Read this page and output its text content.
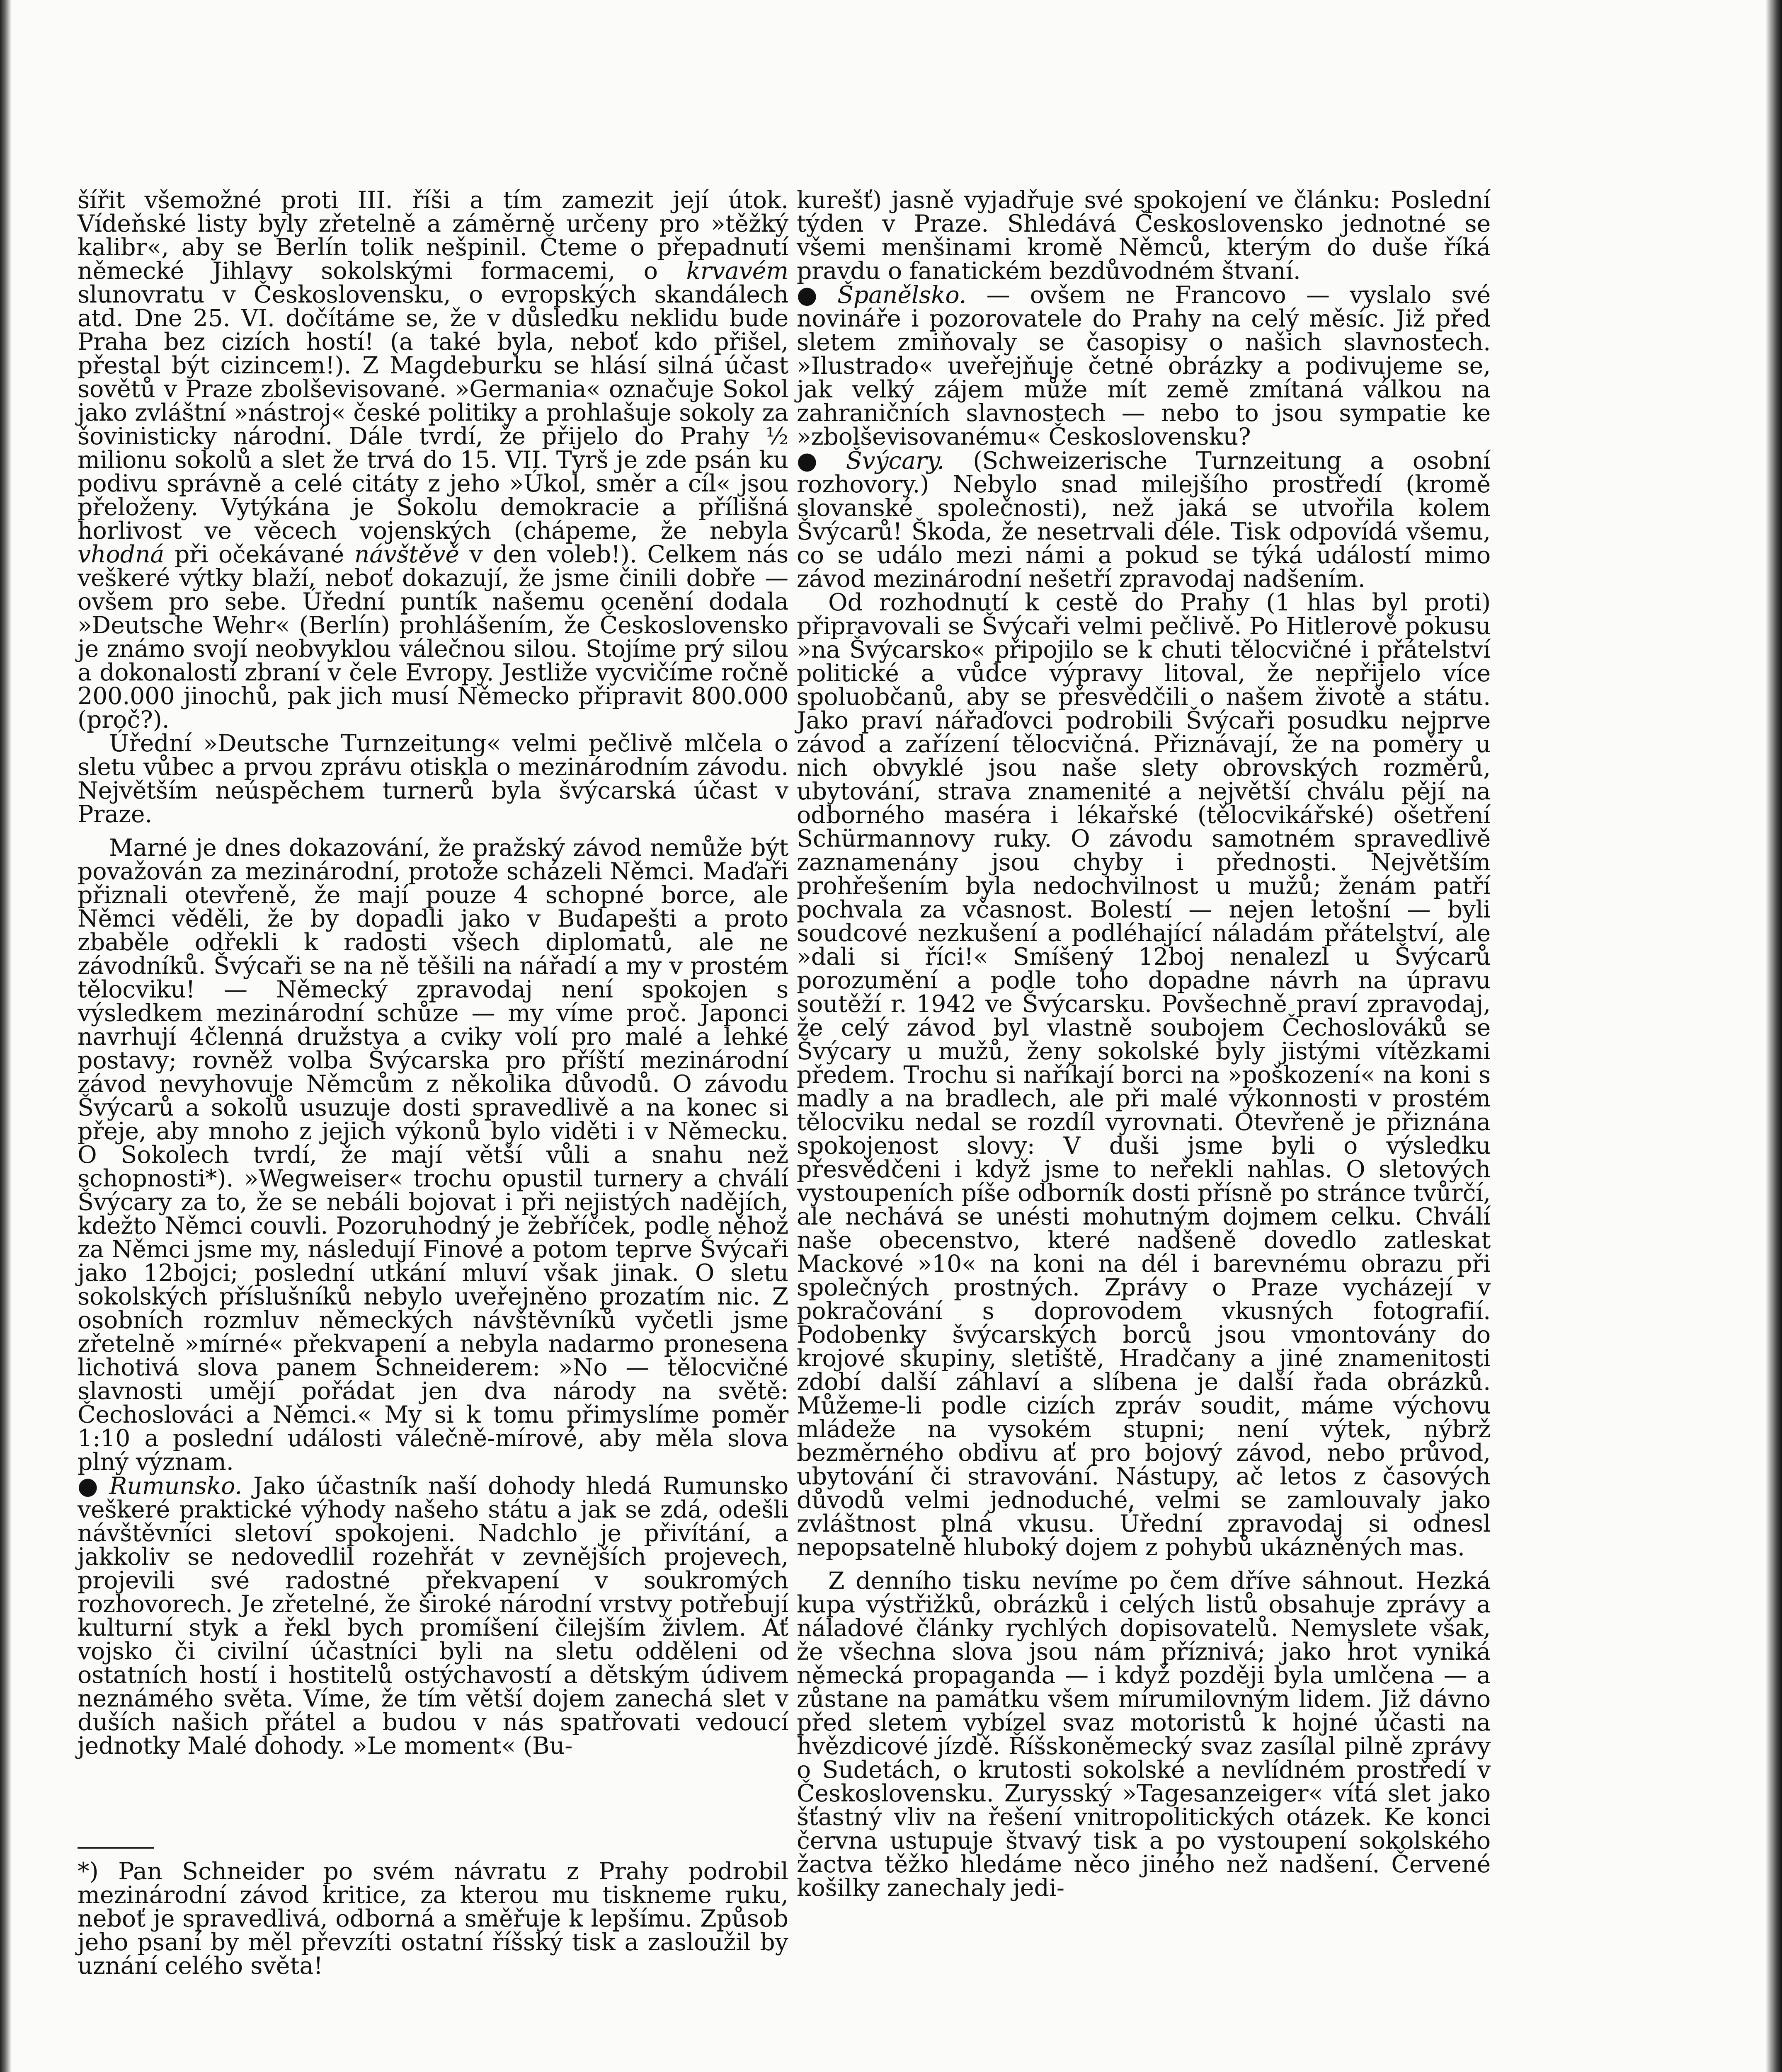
šířit všemožné proti III. říši a tím zamezit její útok. Vídeňské listy byly zřetelně a záměrně určeny pro »těžký kalibr«, aby se Berlín tolik nešpinil. Čteme o přepadnutí německé Jihlavy sokolskými formacemi, o krvavém slunovratu v Československu, o evropských skandálech atd. Dne 25. VI. dočítáme se, že v důsledku neklidu bude Praha bez cizích hostí! (a také byla, neboť kdo přišel, přestal být cizincem!). Z Magdeburku se hlásí silná účast sovětů v Praze zbolševisované. »Germania« označuje Sokol jako zvláštní »nástroj« české politiky a prohlašuje sokoly za šovinisticky národní. Dále tvrdí, že přijelo do Prahy ½ milionu sokolů a slet že trvá do 15. VII. Tyrš je zde psán ku podivu správně a celé citáty z jeho »Úkol, směr a cíl« jsou přeloženy. Vytýkána je Sokolu demokracie a přílišná horlivost ve věcech vojenských (chápeme, že nebyla vhodná při očekávané návštěvě v den voleb!). Celkem nás veškeré výtky blaží, neboť dokazují, že jsme činili dobře — ovšem pro sebe. Úřední puntík našemu ocenění dodala »Deutsche Wehr« (Berlín) prohlášením, že Československo je známo svojí neobvyklou válečnou silou. Stojíme prý silou a dokonalostí zbraní v čele Evropy. Jestliže vycvičíme ročně 200.000 jinochů, pak jich musí Německo připravit 800.000 (proč?).

Úřední »Deutsche Turnzeitung« velmi pečlivě mlčela o sletu vůbec a prvou zprávu otiskla o mezinárodním závodu. Největším neúspěchem turnerů byla švýcarská účast v Praze.

Marné je dnes dokazování, že pražský závod nemůže být považován za mezinárodní, protože scházeli Němci. Maďaři přiznali otevřeně, že mají pouze 4 schopné borce, ale Němci věděli, že by dopadli jako v Budapešti a proto zbaběle odřekli k radosti všech diplomatů, ale ne závodníků. Švýcaři se na ně těšili na nářadí a my v prostém tělocviku! — Německý zpravodaj není spokojen s výsledkem mezinárodní schůze — my víme proč. Japonci navrhují 4členná družstva a cviky volí pro malé a lehké postavy; rovněž volba Švýcarska pro příští mezinárodní závod nevyhovuje Němcům z několika důvodů. O závodu Švýcarů a sokolů usuzuje dosti spravedlivě a na konec si přeje, aby mnoho z jejich výkonů bylo viděti i v Německu. O Sokolech tvrdí, že mají větší vůli a snahu než schopnosti*). »Wegweiser« trochu opustil turnery a chválí Švýcary za to, že se nebáli bojovat i při nejistých nadějích, kdežto Němci couvli. Pozoruhodný je žebříček, podle něhož za Němci jsme my, následují Finové a potom teprve Švýcaři jako 12bojci; poslední utkání mluví však jinak. O sletu sokolských příslušníků nebylo uveřejněno prozatím nic. Z osobních rozmluv německých návštěvníků vyčetli jsme zřetelně »mírné« překvapení a nebyla nadarmo pronesena lichotivá slova panem Schneiderem: »No — tělocvičné slavnosti umějí pořádat jen dva národy na světě: Čechoslováci a Němci.« My si k tomu přimyslíme poměr 1:10 a poslední události válečně-mírové, aby měla slova plný význam.

● Rumunsko. Jako účastník naší dohody hledá Rumunsko veškeré praktické výhody našeho státu a jak se zdá, odešli návštěvníci sletoví spokojeni. Nadchlo je přivítání, a jakkoliv se nedovedlil rozehřát v zevnějších projevech, projevili své radostné překvapení v soukromých rozhovorech. Je zřetelné, že široké národní vrstvy potřebují kulturní styk a řekl bych promíšení čilejším živlem. Ať vojsko či civilní účastníci byli na sletu odděleni od ostatních hostí i hostitelů ostýchavostí a dětským údivem neznámého světa. Víme, že tím větší dojem zanechá slet v duších našich přátel a budou v nás spatřovati vedoucí jednotky Malé dohody. »Le moment« (Bu-

*) Pan Schneider po svém návratu z Prahy podrobil mezinárodní závod kritice, za kterou mu tiskneme ruku, neboť je spravedlivá, odborná a směřuje k lepšímu. Způsob jeho psaní by měl převzíti ostatní říšský tisk a zasloužil by uznání celého světa!

kurešť) jasně vyjadřuje své spokojení ve článku: Poslední týden v Praze. Shledává Československo jednotné se všemi menšinami kromě Němců, kterým do duše říká pravdu o fanatickém bezdůvodném štvaní.

● Španělsko. — ovšem ne Francovo — vyslalo své novináře i pozorovatele do Prahy na celý měsíc. Již před sletem zmiňovaly se časopisy o našich slavnostech. »Ilustrado« uveřejňuje četné obrázky a podivujeme se, jak velký zájem může mít země zmítaná válkou na zahraničních slavnostech — nebo to jsou sympatie ke »zbolševisovanému« Československu?

● Švýcary. (Schweizerische Turnzeitung a osobní rozhovory.) Nebylo snad milejšího prostředí (kromě slovanské společnosti), než jaká se utvořila kolem Švýcarů! Škoda, že nesetrvali déle. Tisk odpovídá všemu, co se událo mezi námi a pokud se týká událostí mimo závod mezinárodní nešetří zpravodaj nadšením.

Od rozhodnutí k cestě do Prahy (1 hlas byl proti) připravovali se Švýcaři velmi pečlivě. Po Hitlerově pokusu »na Švýcarsko« připojilo se k chuti tělocvičné i přátelství politické a vůdce výpravy litoval, že nepřijelo více spoluobčanů, aby se přesvědčili o našem životě a státu. Jako praví nářaďovci podrobili Švýcaři posudku nejprve závod a zařízení tělocvičná. Přiznávají, že na poměry u nich obvyklé jsou naše slety obrovských rozměrů, ubytování, strava znamenité a největší chválu pějí na odborného maséra i lékařské (tělocvikářské) ošetření Schürmannovy ruky. O závodu samotném spravedlivě zaznamenány jsou chyby i přednosti. Největším prohřešením byla nedochvilnost u mužů; ženám patří pochvala za včasnost. Bolestí — nejen letošní — byli soudcové nezkušení a podléhající náladám přátelství, ale »dali si říci!« Smíšený 12boj nenalezl u Švýcarů porozumění a podle toho dopadne návrh na úpravu soutěží r. 1942 ve Švýcarsku. Povšechně praví zpravodaj, že celý závod byl vlastně soubojem Čechoslováků se Švýcary u mužů, ženy sokolské byly jistými vítězkami předem. Trochu si naříkají borci na »poškození« na koni s madly a na bradlech, ale při malé výkonnosti v prostém tělocviku nedal se rozdíl vyrovnati. Otevřeně je přiznána spokojenost slovy: V duši jsme byli o výsledku přesvědčeni i když jsme to neřekli nahlas. O sletových vystoupeních píše odborník dosti přísně po stránce tvůrčí, ale nechává se unésti mohutným dojmem celku. Chválí naše obecenstvo, které nadšeně dovedlo zatleskat Mackové »10« na koni na dél i barevnému obrazu při společných prostných. Zprávy o Praze vycházejí v pokračování s doprovodem vkusných fotografií. Podobenky švýcarských borců jsou vmontovány do krojové skupiny, sletiště, Hradčany a jiné znamenitosti zdobí další záhlaví a slíbena je další řada obrázků. Můžeme-li podle cizích zpráv soudit, máme výchovu mládeže na vysokém stupni; není výtek, nýbrž bezměrného obdivu ať pro bojový závod, nebo průvod, ubytování či stravování. Nástupy, ač letos z časových důvodů velmi jednoduché, velmi se zamlouvaly jako zvláštnost plná vkusu. Úřední zpravodaj si odnesl nepopsatelně hluboký dojem z pohybů ukázněných mas.

Z denního tisku nevíme po čem dříve sáhnout. Hezká kupa výstřižků, obrázků i celých listů obsahuje zprávy a náladové články rychlých dopisovatelů. Nemyslete však, že všechna slova jsou nám příznivá; jako hrot vyniká německá propaganda — i když později byla umlčena — a zůstane na památku všem mírumilovným lidem. Již dávno před sletem vybízel svaz motoristů k hojné účasti na hvězdicové jízdě. Říšskoněmecký svaz zasílal pilně zprávy o Sudetách, o krutosti sokolské a nevlídném prostředí v Československu. Zurysský »Tagesanzeiger« vítá slet jako šťastný vliv na řešení vnitropolitických otázek. Ke konci června ustupuje štvavý tisk a po vystoupení sokolského žactva těžko hledáme něco jiného než nadšení. Červené košilky zanechaly jedi-
